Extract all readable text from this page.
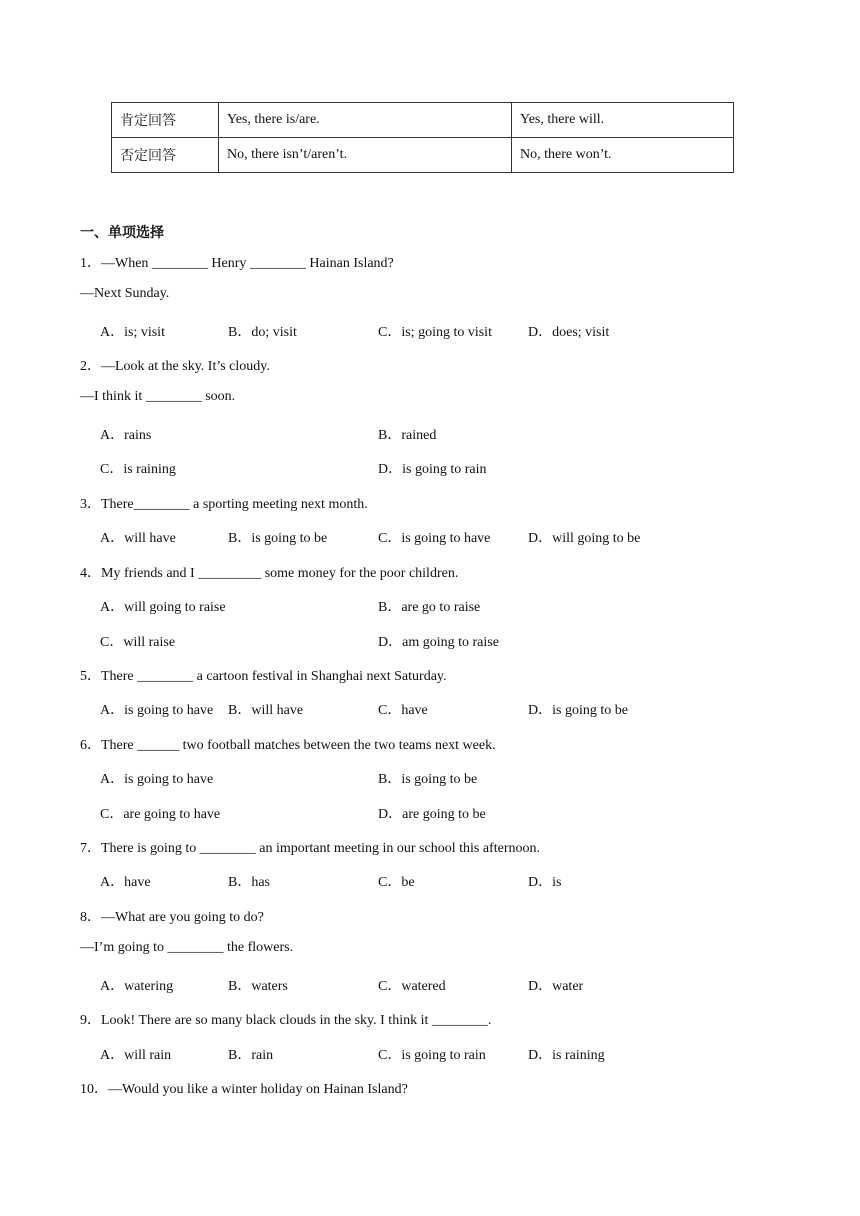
肯定回答	Yes, there is/are.	Yes, there will.
否定回答	No, there isn’t/aren’t.	No, there won’t.
一、单项选择
1．—When ________ Henry ________ Hainan Island?
—Next Sunday.
A．is; visit	B．do; visit	C．is; going to visit	D．does; visit
2．—Look at the sky. It’s cloudy.
—I think it ________ soon.
A．rains	B．rained
C．is raining	D．is going to rain
3．There________ a sporting meeting next month.
A．will have	B．is going to be	C．is going to have	D．will going to be
4．My friends and I _________ some money for the poor children.
A．will going to raise	B．are go to raise
C．will raise	D．am going to raise
5．There ________ a cartoon festival in Shanghai next Saturday.
A．is going to have B．will have	C．have	D．is going to be
6．There ______ two football matches between the two teams next week.
A．is going to have	B．is going to be
C．are going to have	D．are going to be
7．There is going to ________ an important meeting in our school this afternoon.
A．have	B．has	C．be	D．is
8．—What are you going to do?
—I’m going to ________ the flowers.
A．watering	B．waters	C．watered	D．water
9．Look! There are so many black clouds in the sky. I think it ________.
A．will rain	B．rain	C．is going to rain	D．is raining
10．—Would you like a winter holiday on Hainan Island?
